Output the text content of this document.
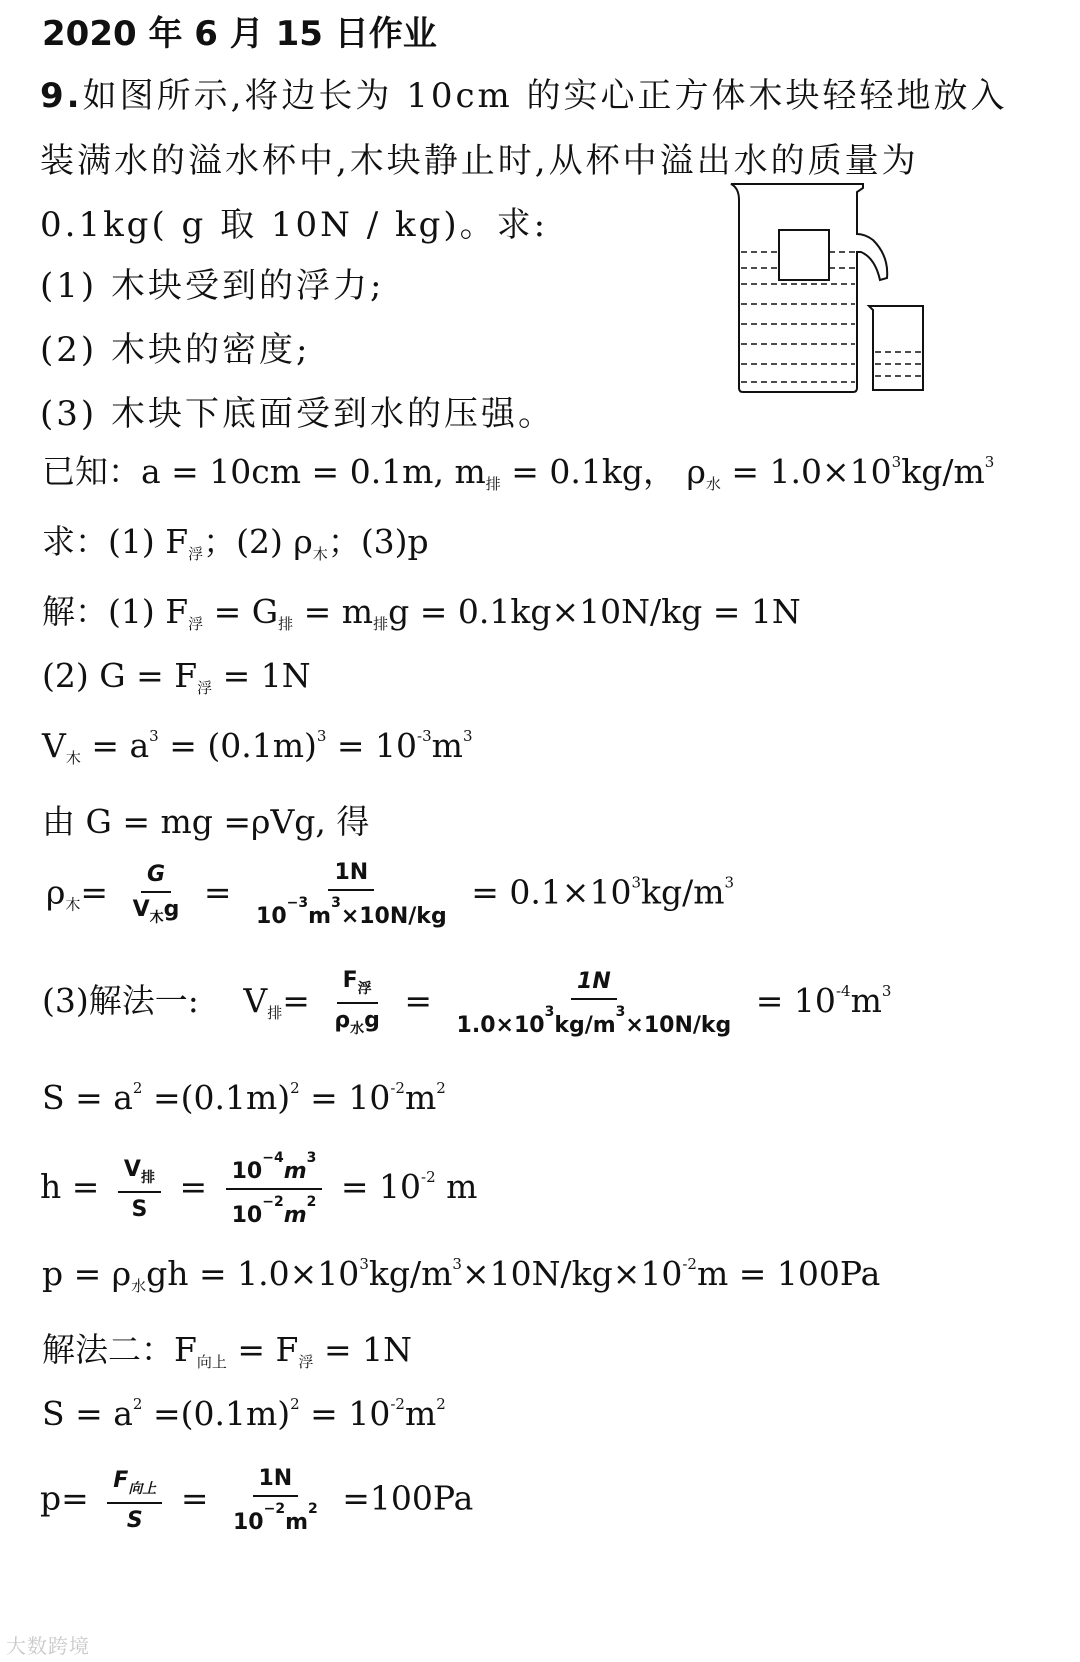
2020 年 6 月 15 日作业
9.如图所示,将边长为 10cm 的实心正方体木块轻轻地放入
装满水的溢水杯中,木块静止时,从杯中溢出水的质量为
0.1kg( g 取 10N / kg)。求:
(1) 木块受到的浮力;
(2) 木块的密度;
(3) 木块下底面受到水的压强。
已知：a = 10cm = 0.1m, $m_排 = 0.1kg$， $\rho_水 = 1.0\times 10^3kg/m^3$
求：(1) $F_浮$；(2) $\rho_木$；(3)p
解：(1) $F_浮 = G_排 = m_排g = 0.1kg\times 10N/kg = 1N$
(2) $G = F_浮 = 1N$
$V_木 = a^3 = (0.1m)^3 = 10^{-3}m^3$
由 G = mg =ρVg, 得
$\rho_木= \frac{G}{V_木g} = \frac{1N}{10^{-3}m^3\times 10N/kg} = 0.1\times 10^3kg/m^3$
(3)解法一: $V_排= \frac{F_浮}{\rho_水g} = \frac{1N}{1.0\times 10^3kg/m^3\times 10N/kg} = 10^{-4}m^3$
$S = a^2 =(0.1m)^2 = 10^{-2}m^2$
$h = \frac{V_排}{S} = \frac{10^{-4}m^3}{10^{-2}m^2} = 10^{-2}$ m
$p = \rho_水gh = 1.0\times 10^3kg/m^3\times 10N/kg\times 10^{-2}m = 100Pa$
解法二：$F_{向上} = F_浮 = 1N$
$S = a^2 =(0.1m)^2 = 10^{-2}m^2$
$p= \frac{F_{向上}}{S} = \frac{1N}{10^{-2}m^2} =100Pa$
大数跨境
